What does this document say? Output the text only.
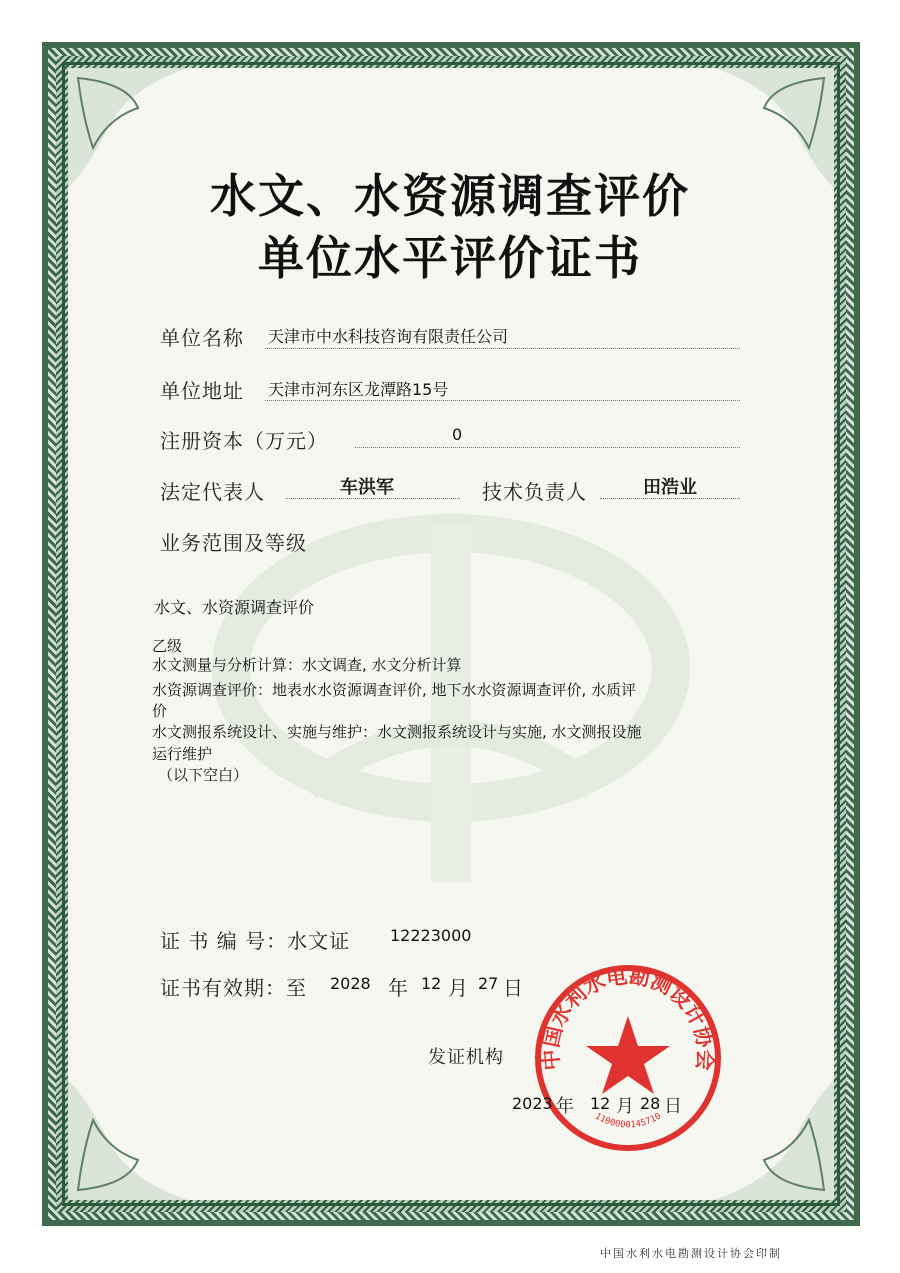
水文、水资源调查评价
单位水平评价证书
单位名称 天津市中水科技咨询有限责任公司
单位地址 天津市河东区龙潭路15号
注册资本（万元）	0
法定代表人	车洪军	技术负责人	田浩业
业务范围及等级
水文、水资源调查评价
乙级
水文测量与分析计算：水文调查, 水文分析计算
水资源调查评价：地表水水资源调查评价, 地下水水资源调查评价, 水质评
价
水文测报系统设计、实施与维护：水文测报系统设计与实施, 水文测报设施
运行维护
（以下空白）
证 书 编 号：水文证 12223000
证书有效期：至 2028 年 12 月 27 日
发证机构 中国水利水电勘测设计协会
1100000145710
2023 年 12 月 28 日
中国水利水电勘测设计协会印制
